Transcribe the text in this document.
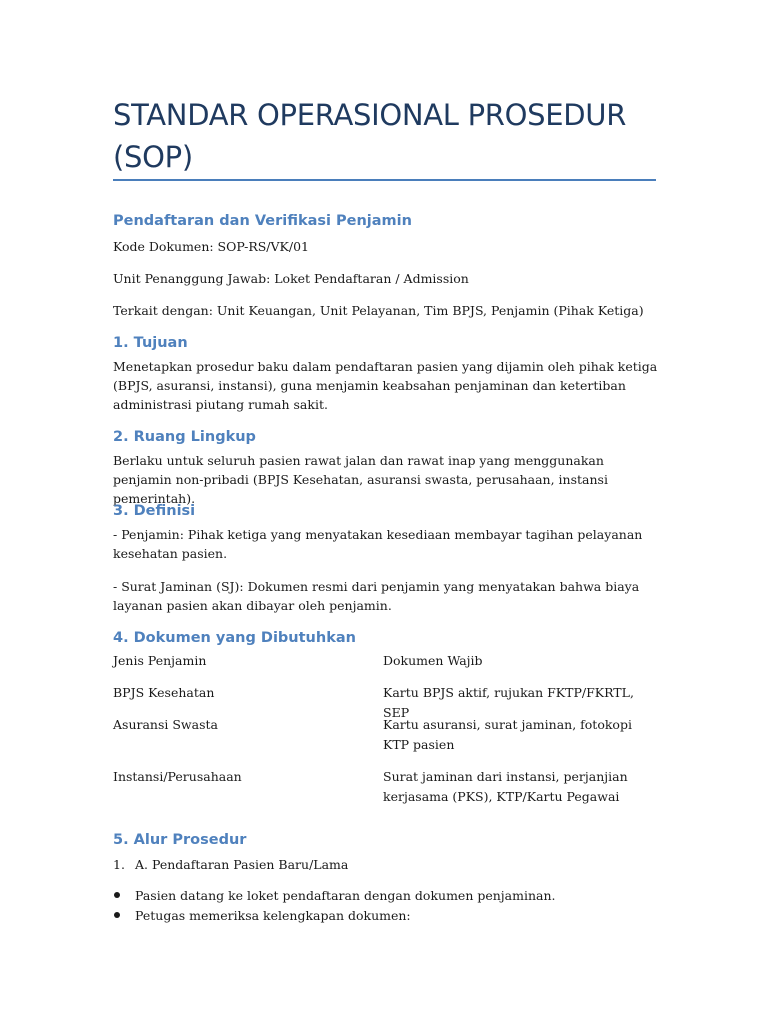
STANDAR OPERASIONAL PROSEDUR (SOP)
Pendaftaran dan Verifikasi Penjamin

Kode Dokumen: SOP-RS/VK/01

Unit Penanggung Jawab: Loket Pendaftaran / Admission

Terkait dengan: Unit Keuangan, Unit Pelayanan, Tim BPJS, Penjamin (Pihak Ketiga)

1. Tujuan

Menetapkan prosedur baku dalam pendaftaran pasien yang dijamin oleh pihak ketiga (BPJS, asuransi, instansi), guna menjamin keabsahan penjaminan dan ketertiban administrasi piutang rumah sakit.

2. Ruang Lingkup

Berlaku untuk seluruh pasien rawat jalan dan rawat inap yang menggunakan penjamin non-pribadi (BPJS Kesehatan, asuransi swasta, perusahaan, instansi pemerintah).

3. Definisi

- Penjamin: Pihak ketiga yang menyatakan kesediaan membayar tagihan pelayanan kesehatan pasien.

- Surat Jaminan (SJ): Dokumen resmi dari penjamin yang menyatakan bahwa biaya layanan pasien akan dibayar oleh penjamin.

4. Dokumen yang Dibutuhkan

Jenis Penjamin	Dokumen Wajib

BPJS Kesehatan	Kartu BPJS aktif, rujukan FKTP/FKRTL, SEP

Asuransi Swasta	Kartu asuransi, surat jaminan, fotokopi KTP pasien

Instansi/Perusahaan	Surat jaminan dari instansi, perjanjian kerjasama (PKS), KTP/Kartu Pegawai

5. Alur Prosedur
1. A. Pendaftaran Pasien Baru/Lama
Pasien datang ke loket pendaftaran dengan dokumen penjaminan.
Petugas memeriksa kelengkapan dokumen:
